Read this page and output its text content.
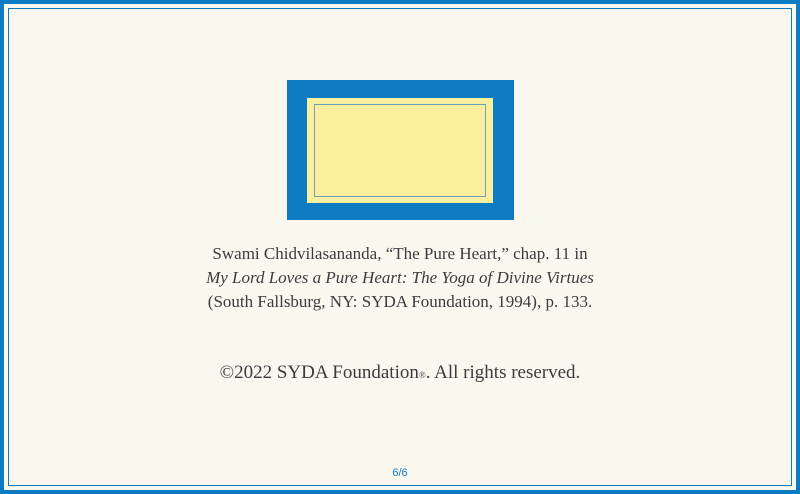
Swami Chidvilasananda, “The Pure Heart,” chap. 11 in
My Lord Loves a Pure Heart: The Yoga of Divine Virtues
(South Fallsburg, NY: SYDA Foundation, 1994), p. 133.
©2022 SYDA Foundation®. All rights reserved.
6/6
